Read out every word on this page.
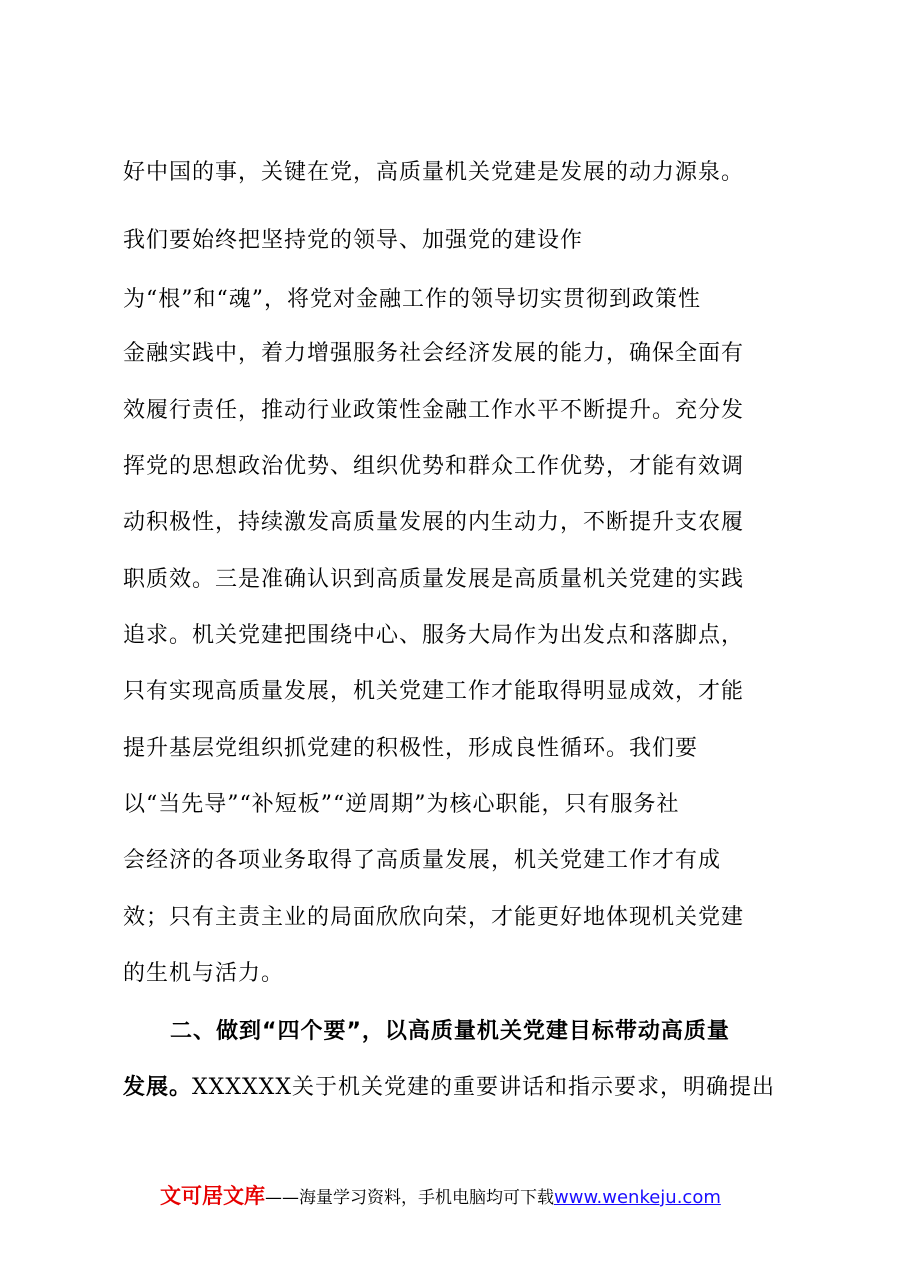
好中国的事，关键在党，高质量机关党建是发展的动力源泉。
我们要始终把坚持党的领导、加强党的建设作
为“根”和“魂”，将党对金融工作的领导切实贯彻到政策性
金融实践中，着力增强服务社会经济发展的能力，确保全面有
效履行责任，推动行业政策性金融工作水平不断提升。充分发
挥党的思想政治优势、组织优势和群众工作优势，才能有效调
动积极性，持续激发高质量发展的内生动力，不断提升支农履
职质效。三是准确认识到高质量发展是高质量机关党建的实践
追求。机关党建把围绕中心、服务大局作为出发点和落脚点，
只有实现高质量发展，机关党建工作才能取得明显成效，才能
提升基层党组织抓党建的积极性，形成良性循环。我们要
以“当先导”“补短板”“逆周期”为核心职能，只有服务社
会经济的各项业务取得了高质量发展，机关党建工作才有成
效；只有主责主业的局面欣欣向荣，才能更好地体现机关党建
的生机与活力。
二、做到“四个要”，以高质量机关党建目标带动高质量
发展。XXXXXX关于机关党建的重要讲话和指示要求，明确提出
文可居文库——海量学习资料，手机电脑均可下载www.wenkeju.com
